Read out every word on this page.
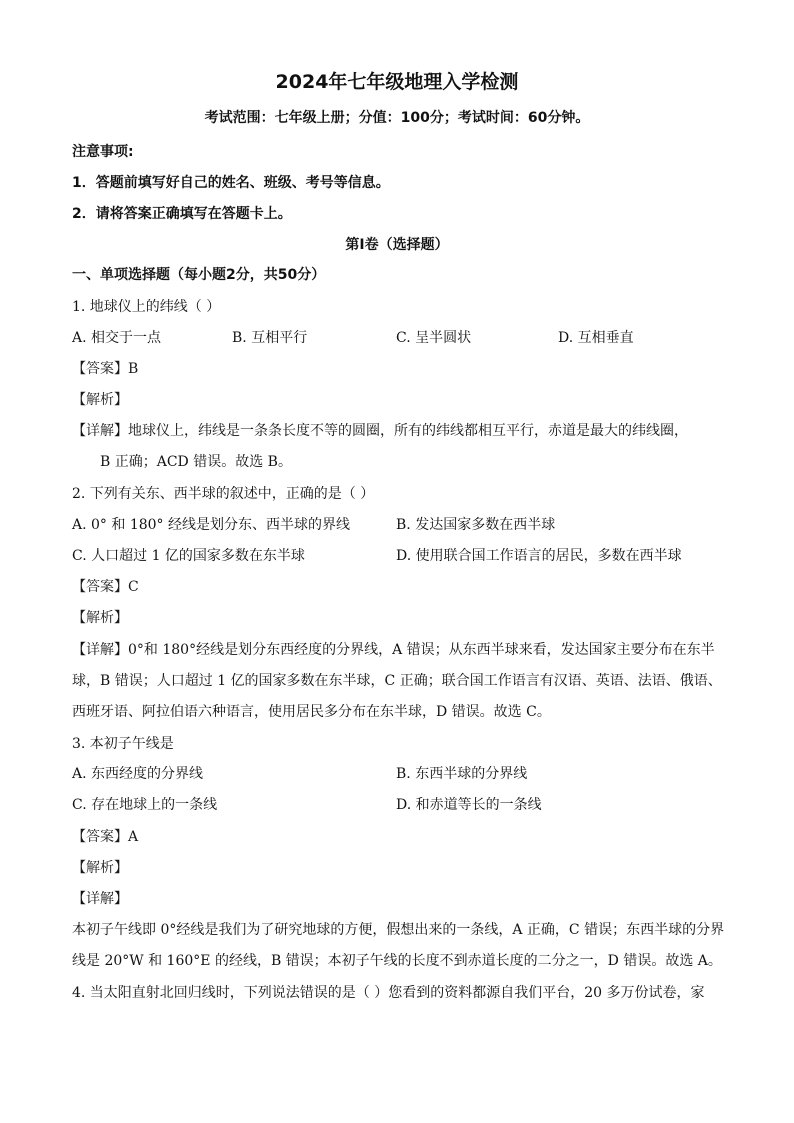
2024年七年级地理入学检测
考试范围：七年级上册；分值：100分；考试时间：60分钟。
注意事项:
1．答题前填写好自己的姓名、班级、考号等信息。
2．请将答案正确填写在答题卡上。
第Ⅰ卷（选择题）
一、单项选择题（每小题2分，共50分）
1. 地球仪上的纬线（ ）
A. 相交于一点	B. 互相平行	C. 呈半圆状	D. 互相垂直
【答案】B
【解析】
【详解】地球仪上，纬线是一条条长度不等的圆圈，所有的纬线都相互平行，赤道是最大的纬线圈，
B 正确；ACD 错误。故选 B。
2. 下列有关东、西半球的叙述中，正确的是（ ）
A. 0° 和 180° 经线是划分东、西半球的界线	B. 发达国家多数在西半球
C. 人口超过 1 亿的国家多数在东半球	D. 使用联合国工作语言的居民，多数在西半球
【答案】C
【解析】
【详解】0°和 180°经线是划分东西经度的分界线，A 错误；从东西半球来看，发达国家主要分布在东半
球，B 错误；人口超过 1 亿的国家多数在东半球，C 正确；联合国工作语言有汉语、英语、法语、俄语、
西班牙语、阿拉伯语六种语言，使用居民多分布在东半球，D 错误。故选 C。
3. 本初子午线是
A. 东西经度的分界线	B. 东西半球的分界线
C. 存在地球上的一条线	D. 和赤道等长的一条线
【答案】A
【解析】
【详解】
本初子午线即 0°经线是我们为了研究地球的方便，假想出来的一条线，A 正确，C 错误；东西半球的分界
线是 20°W 和 160°E 的经线，B 错误；本初子午线的长度不到赤道长度的二分之一，D 错误。故选 A。
4. 当太阳直射北回归线时，下列说法错误的是（ ）您看到的资料都源自我们平台，20 多万份试卷，家
